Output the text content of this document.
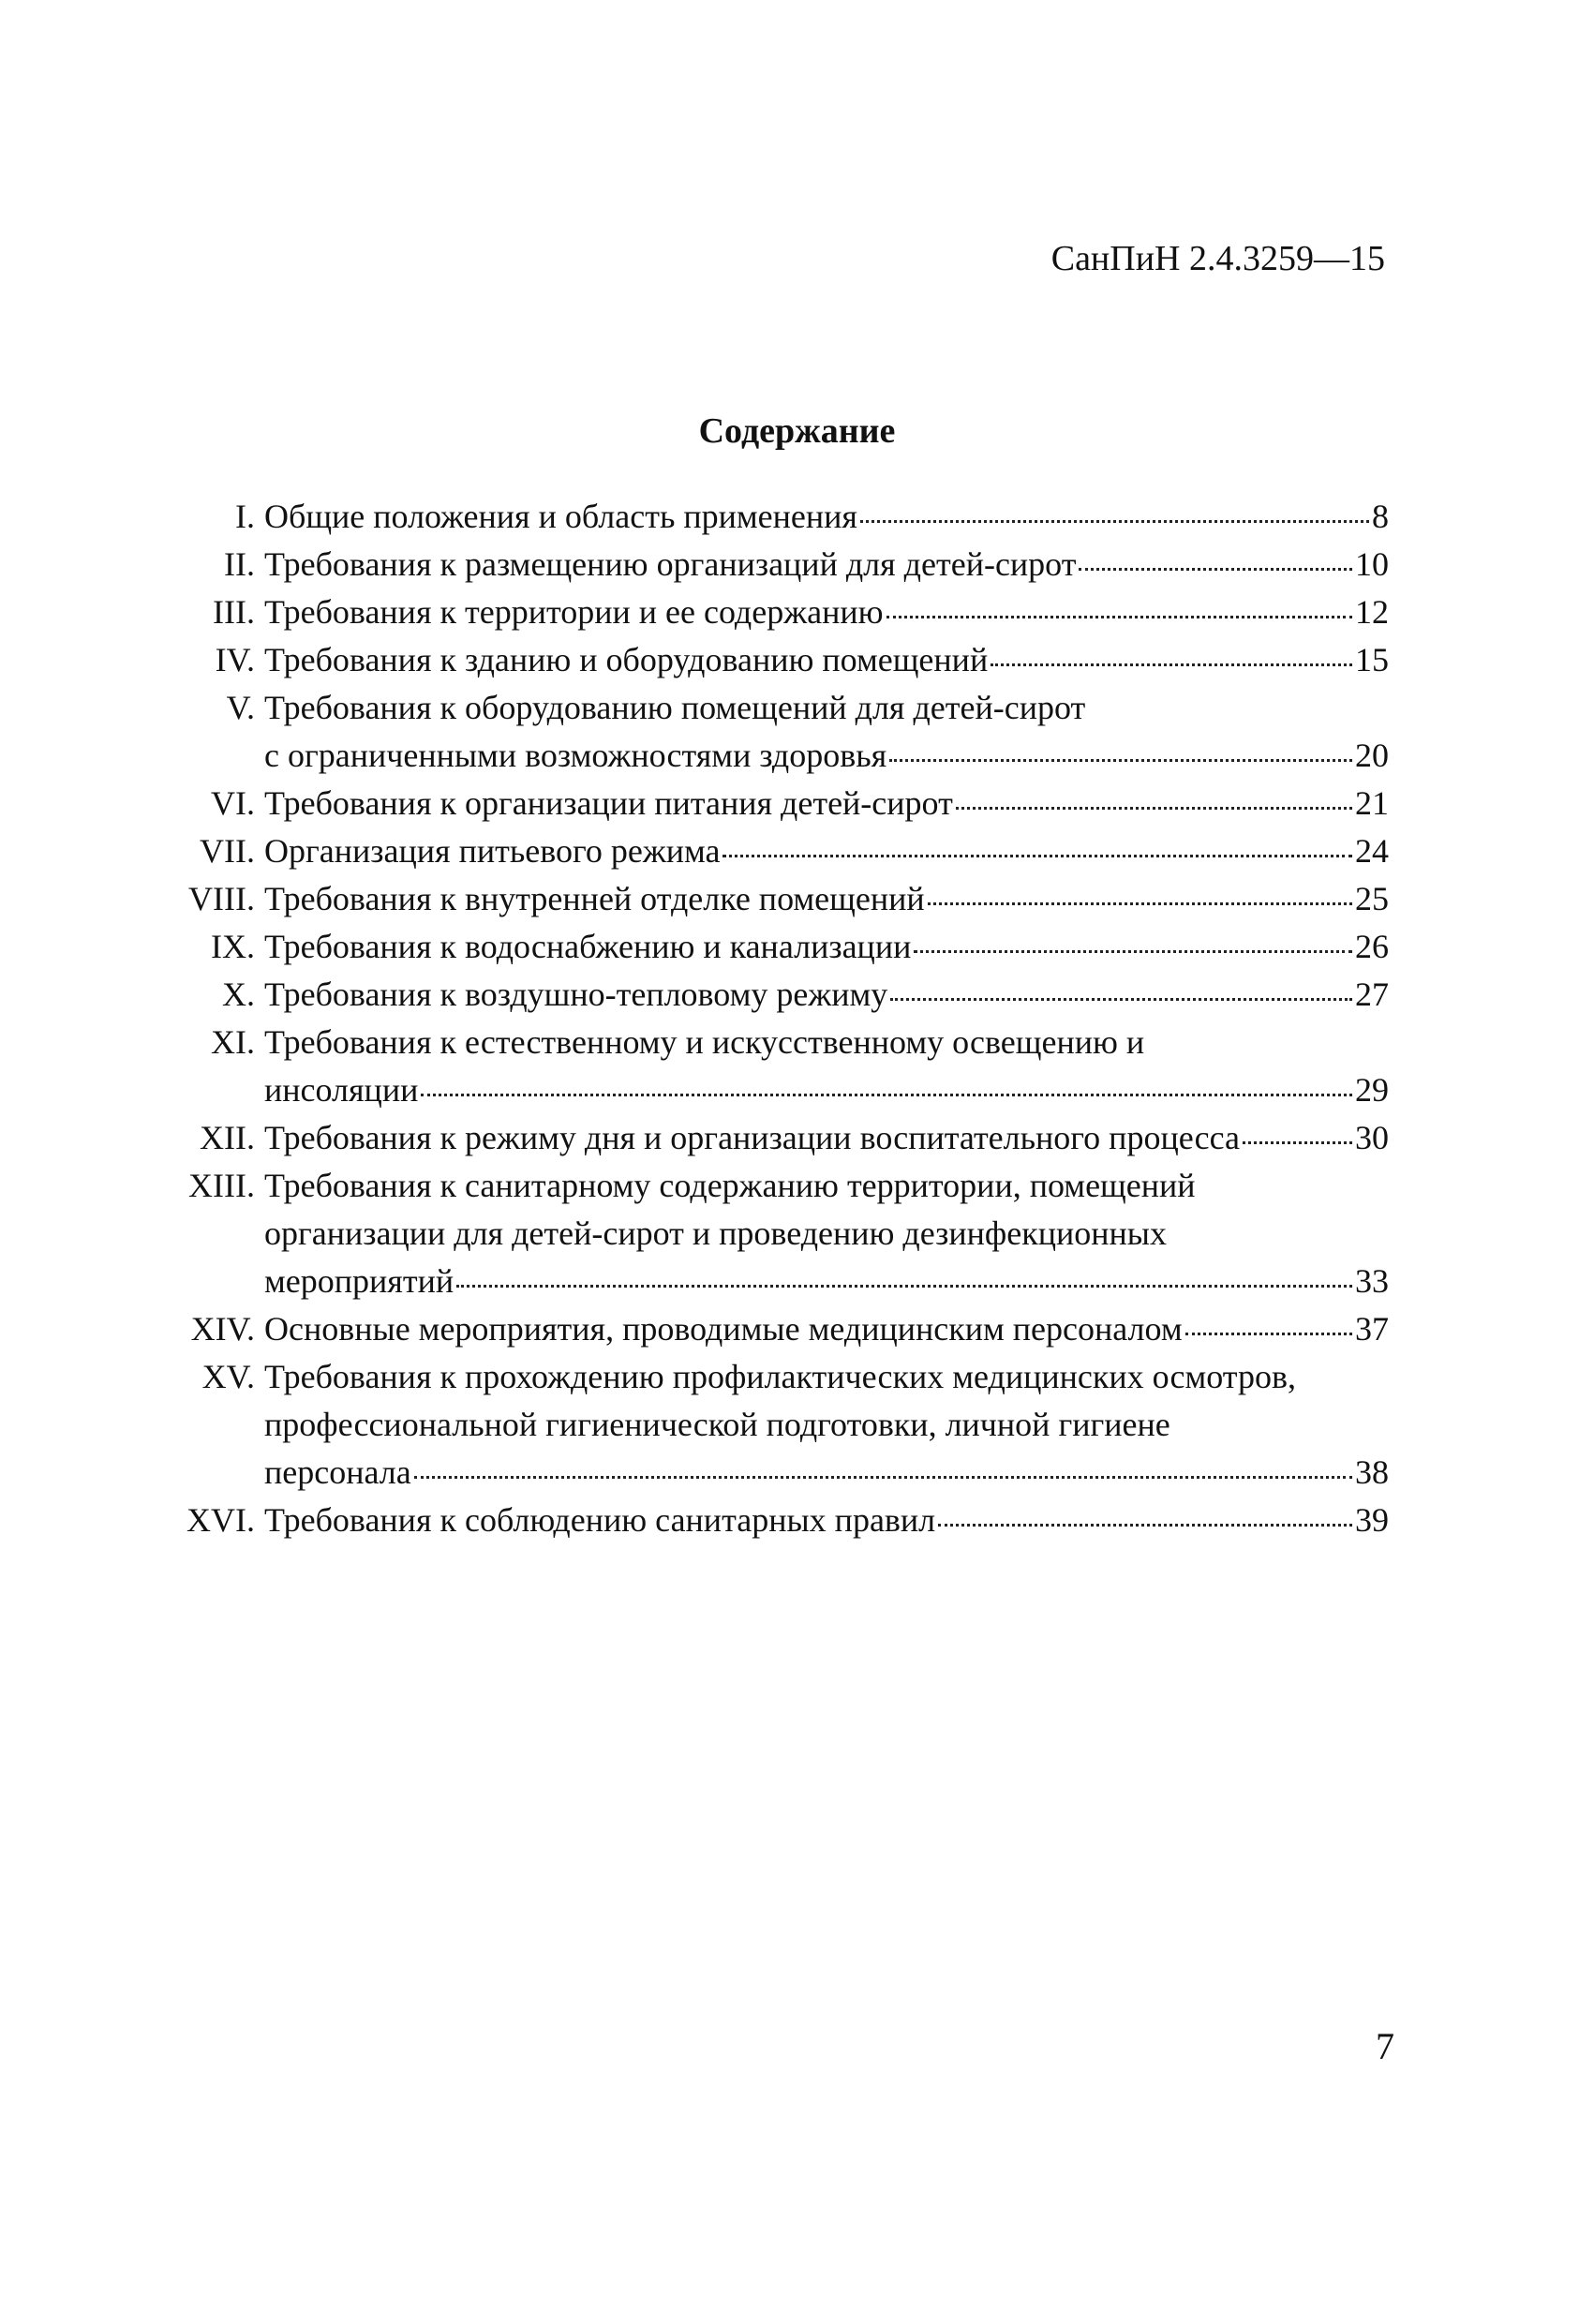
СанПиН 2.4.3259—15
Содержание
I. Общие положения и область применения	8
II. Требования к размещению организаций для детей-сирот	10
III. Требования к территории и ее содержанию	12
IV. Требования к зданию и оборудованию помещений	15
V. Требования к оборудованию помещений для детей-сирот
с ограниченными возможностями здоровья	20
VI. Требования к организации питания детей-сирот	21
VII. Организация питьевого режима	24
VIII. Требования к внутренней отделке помещений	25
IX. Требования к водоснабжению и канализации	26
X. Требования к воздушно-тепловому режиму	27
XI. Требования к естественному и искусственному освещению и
инсоляции	29
XII. Требования к режиму дня и организации воспитательного процесса	30
XIII. Требования к санитарному содержанию территории, помещений
организации для детей-сирот и проведению дезинфекционных
мероприятий	33
XIV. Основные мероприятия, проводимые медицинским персоналом	37
XV. Требования к прохождению профилактических медицинских осмотров,
профессиональной гигиенической подготовки, личной гигиене
персонала	38
XVI. Требования к соблюдению санитарных правил	39
7
